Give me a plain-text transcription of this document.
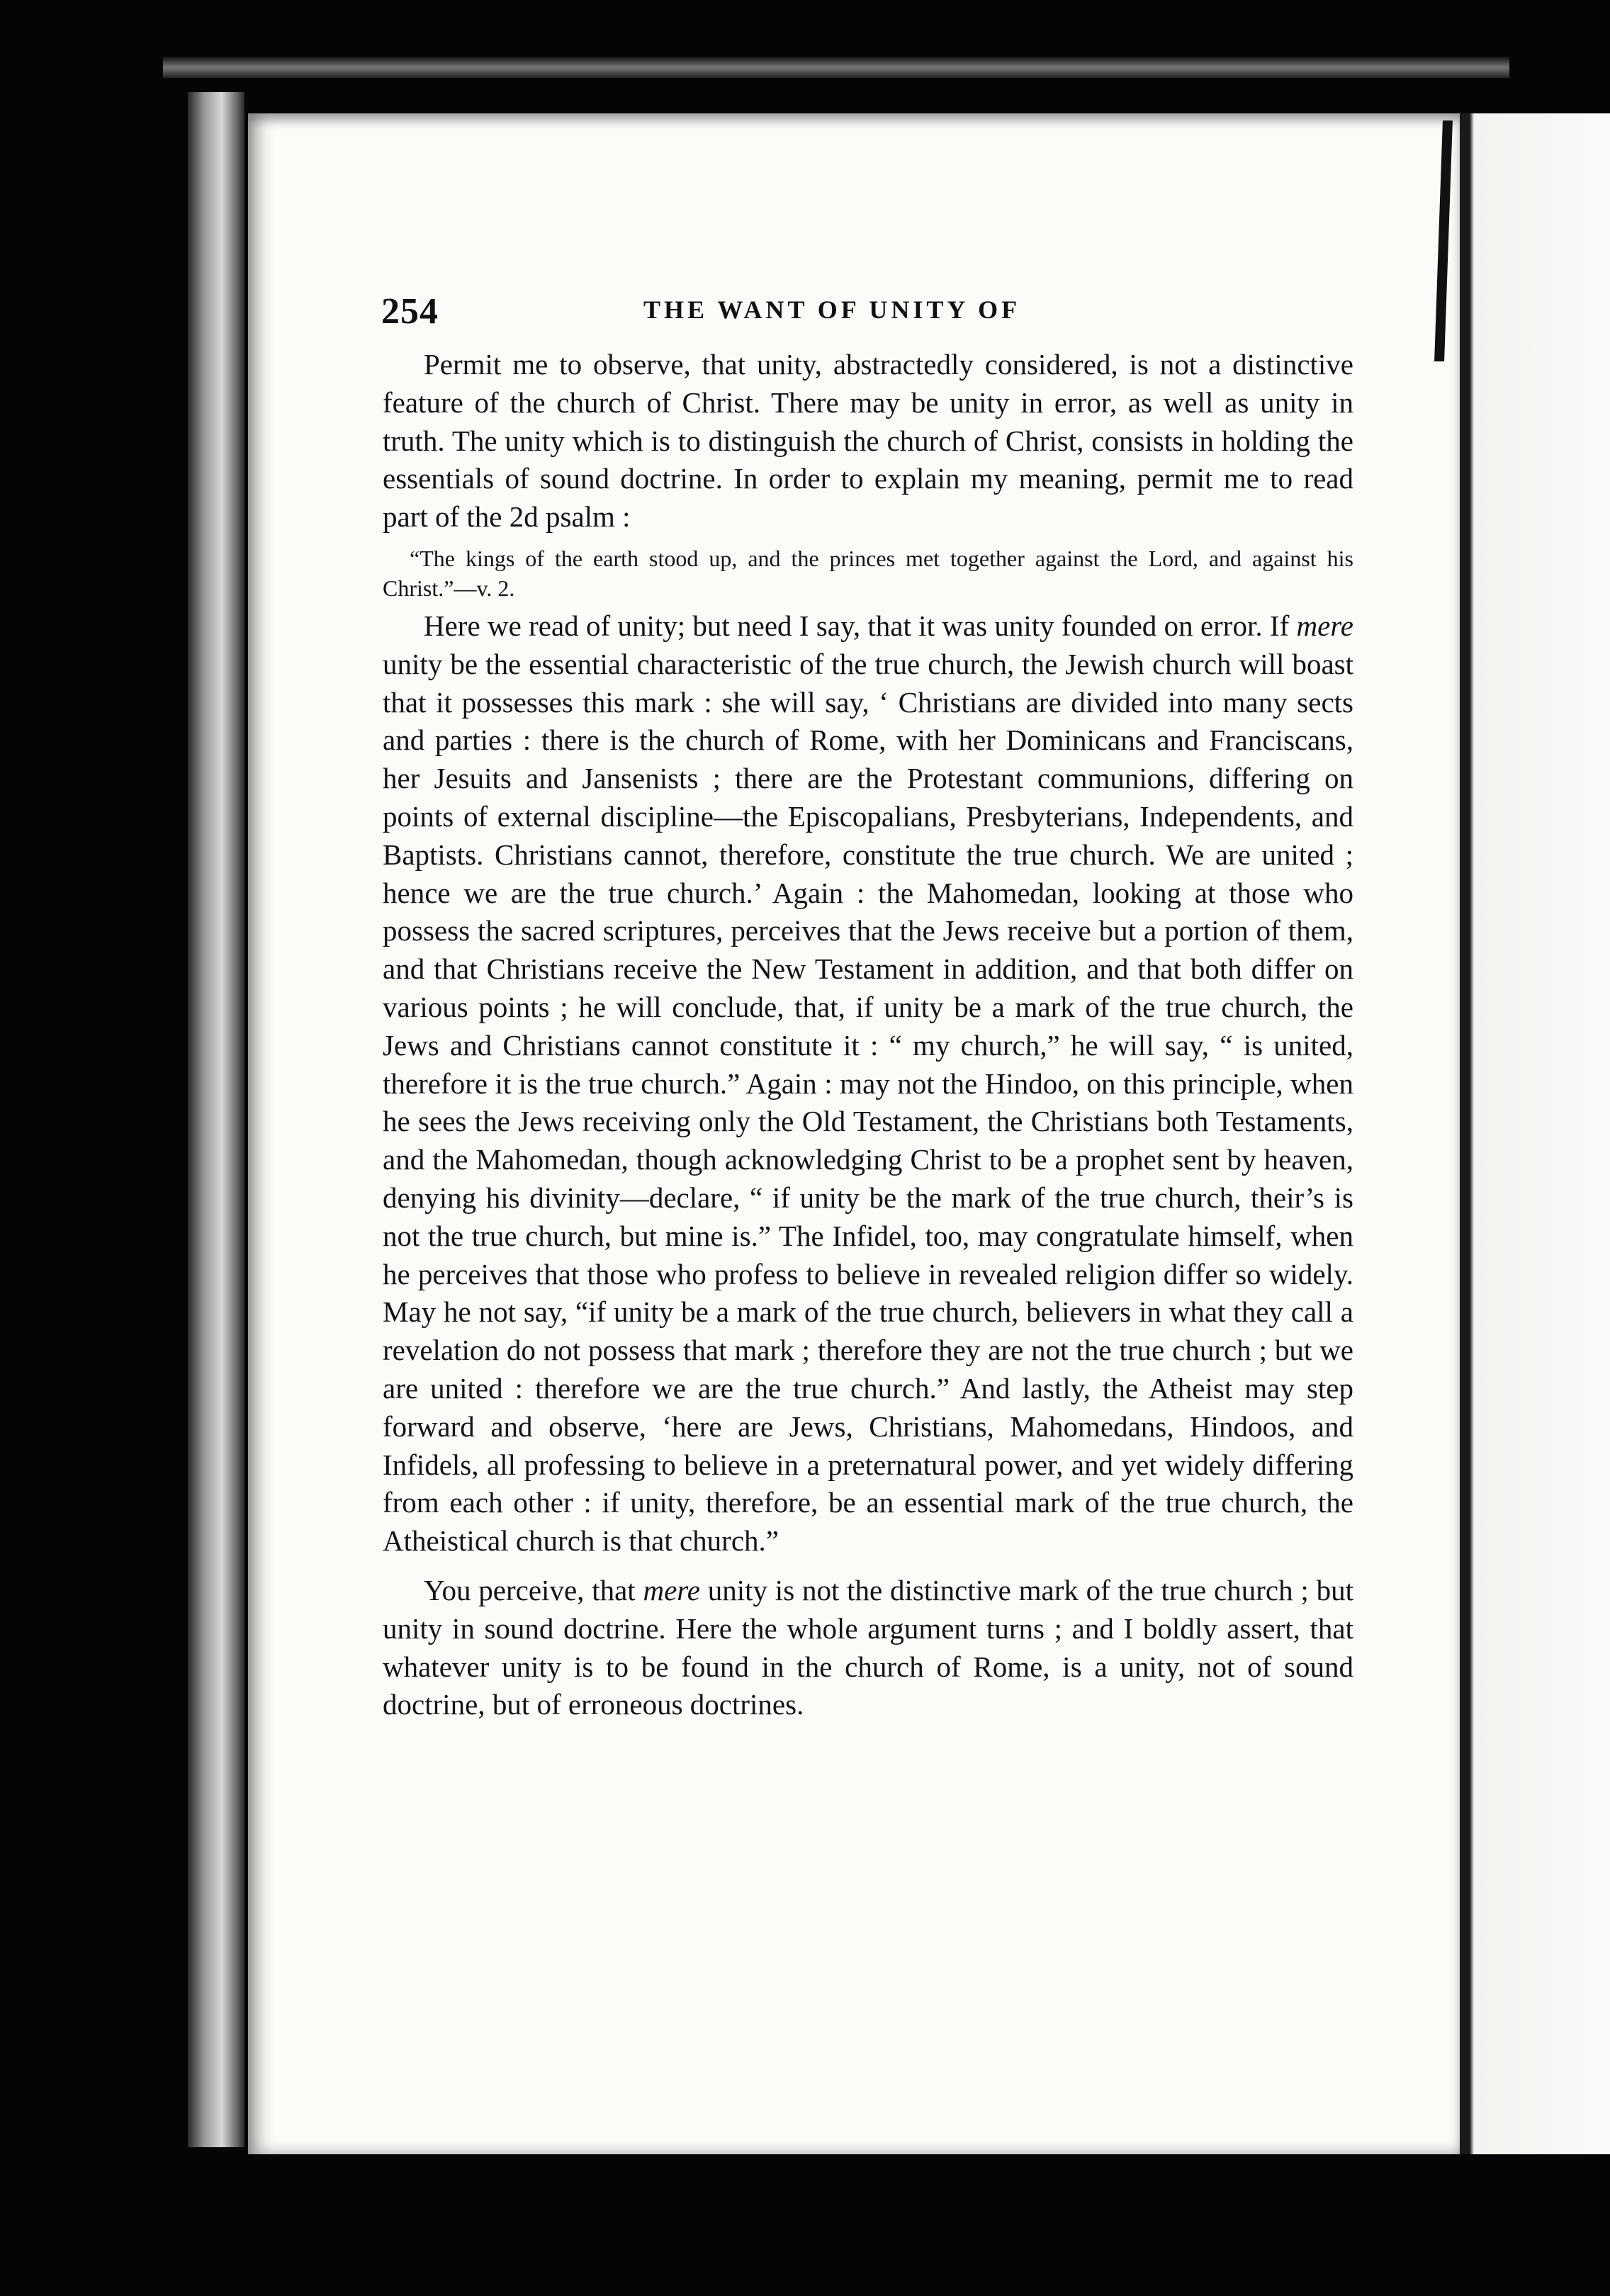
254	THE WANT OF UNITY OF

Permit me to observe, that unity, abstractedly considered, is not a distinctive feature of the church of Christ. There may be unity in error, as well as unity in truth. The unity which is to distinguish the church of Christ, consists in holding the essentials of sound doctrine. In order to explain my meaning, permit me to read part of the 2d psalm :

“The kings of the earth stood up, and the princes met together against the Lord, and against his Christ.”—v. 2.

Here we read of unity; but need I say, that it was unity founded on error. If mere unity be the essential characteristic of the true church, the Jewish church will boast that it possesses this mark : she will say, ‘ Christians are divided into many sects and parties : there is the church of Rome, with her Dominicans and Franciscans, her Jesuits and Jansenists ; there are the Protestant communions, differing on points of external discipline—the Episcopalians, Presbyterians, Independents, and Baptists. Christians cannot, therefore, constitute the true church. We are united ; hence we are the true church.’ Again : the Mahomedan, looking at those who possess the sacred scriptures, perceives that the Jews receive but a portion of them, and that Christians receive the New Testament in addition, and that both differ on various points ; he will conclude, that, if unity be a mark of the true church, the Jews and Christians cannot constitute it : “ my church,” he will say, “ is united, therefore it is the true church.” Again : may not the Hindoo, on this principle, when he sees the Jews receiving only the Old Testament, the Christians both Testaments, and the Mahomedan, though acknowledging Christ to be a prophet sent by heaven, denying his divinity—declare, “ if unity be the mark of the true church, their’s is not the true church, but mine is.” The Infidel, too, may congratulate himself, when he perceives that those who profess to believe in revealed religion differ so widely. May he not say, “if unity be a mark of the true church, believers in what they call a revelation do not possess that mark ; therefore they are not the true church ; but we are united : therefore we are the true church.” And lastly, the Atheist may step forward and observe, ‘here are Jews, Christians, Mahomedans, Hindoos, and Infidels, all professing to believe in a preternatural power, and yet widely differing from each other : if unity, therefore, be an essential mark of the true church, the Atheistical church is that church.”

You perceive, that mere unity is not the distinctive mark of the true church ; but unity in sound doctrine. Here the whole argument turns ; and I boldly assert, that whatever unity is to be found in the church of Rome, is a unity, not of sound doctrine, but of erroneous doctrines.
